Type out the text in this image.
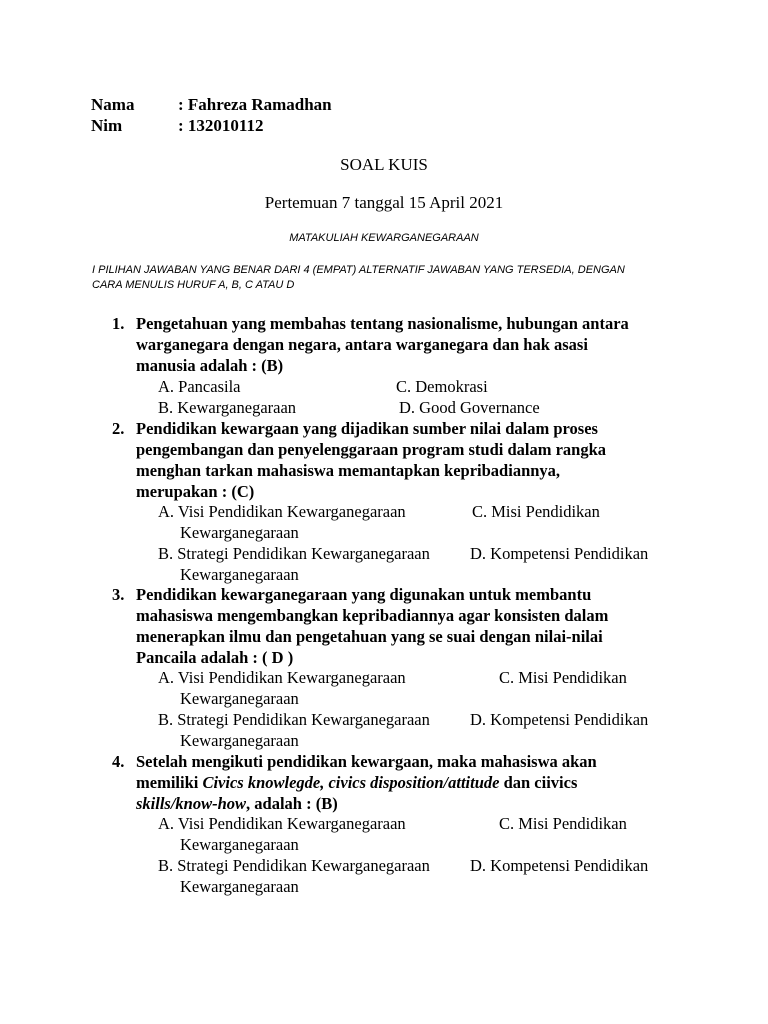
Nama	: Fahreza Ramadhan
Nim	: 132010112
SOAL KUIS
Pertemuan 7 tanggal 15 April 2021
MATAKULIAH KEWARGANEGARAAN
I PILIHAN JAWABAN YANG BENAR DARI 4 (EMPAT) ALTERNATIF JAWABAN YANG TERSEDIA, DENGAN
CARA MENULIS HURUF A, B, C ATAU D
1. Pengetahuan yang membahas tentang nasionalisme, hubungan antara
warganegara dengan negara, antara warganegara dan hak asasi
manusia adalah : (B)
A. Pancasila	C. Demokrasi
B. Kewarganegaraan	D. Good Governance
2. Pendidikan kewargaan yang dijadikan sumber nilai dalam proses
pengembangan dan penyelenggaraan program studi dalam rangka
menghan tarkan mahasiswa memantapkan kepribadiannya,
merupakan : (C)
A. Visi Pendidikan Kewarganegaraan	C. Misi Pendidikan
Kewarganegaraan
B. Strategi Pendidikan Kewarganegaraan D. Kompetensi Pendidikan
Kewarganegaraan
3. Pendidikan kewarganegaraan yang digunakan untuk membantu
mahasiswa mengembangkan kepribadiannya agar konsisten dalam
menerapkan ilmu dan pengetahuan yang se suai dengan nilai-nilai
Pancaila adalah : ( D )
A. Visi Pendidikan Kewarganegaraan	C. Misi Pendidikan
Kewarganegaraan
B. Strategi Pendidikan Kewarganegaraan D. Kompetensi Pendidikan
Kewarganegaraan
4. Setelah mengikuti pendidikan kewargaan, maka mahasiswa akan
memiliki Civics knowlegde, civics disposition/attitude dan ciivics
skills/know-how, adalah : (B)
A. Visi Pendidikan Kewarganegaraan	C. Misi Pendidikan
Kewarganegaraan
B. Strategi Pendidikan Kewarganegaraan D. Kompetensi Pendidikan
Kewarganegaraan
